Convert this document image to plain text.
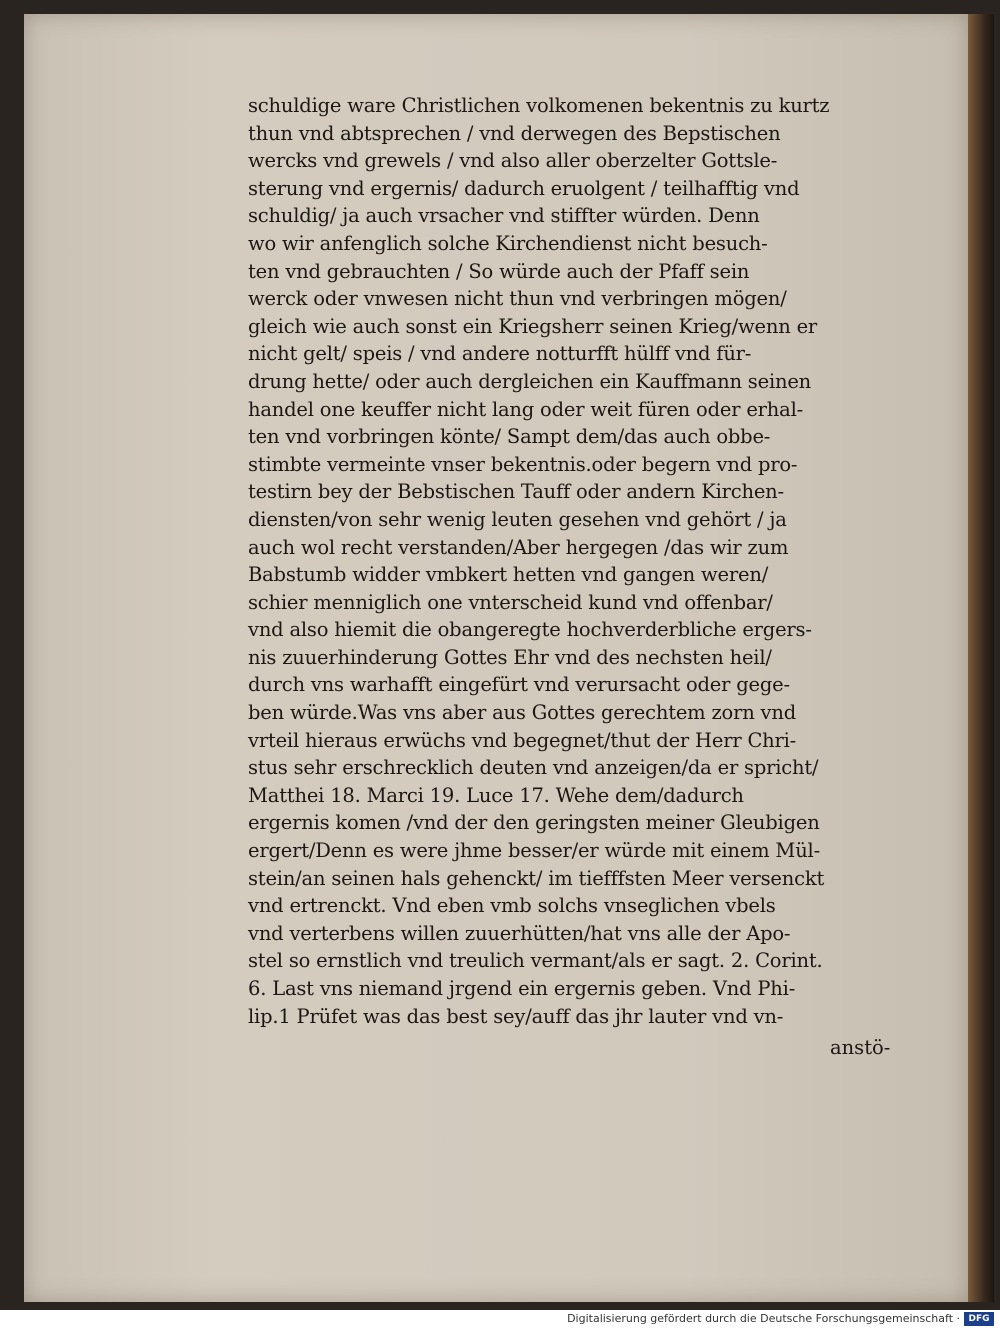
schuldige ware Christlichen volkomenen bekentnis zu kurtz
thun vnd abtsprechen / vnd derwegen des Bepstischen
wercks vnd grewels / vnd also aller oberzelter Gottsle-
sterung vnd ergernis/ dadurch eruolgent / teilhafftig vnd
schuldig/ ja auch vrsacher vnd stiffter würden. Denn
wo wir anfenglich solche Kirchendienst nicht besuch-
ten vnd gebrauchten / So würde auch der Pfaff sein
werck oder vnwesen nicht thun vnd verbringen mögen/
gleich wie auch sonst ein Kriegsherr seinen Krieg/wenn er
nicht gelt/ speis / vnd andere notturfft hülff vnd für-
drung hette/ oder auch dergleichen ein Kauffmann seinen
handel one keuffer nicht lang oder weit füren oder erhal-
ten vnd vorbringen könte/ Sampt dem/das auch obbe-
stimbte vermeinte vnser bekentnis.oder begern vnd pro-
testirn bey der Bebstischen Tauff oder andern Kirchen-
diensten/von sehr wenig leuten gesehen vnd gehört / ja
auch wol recht verstanden/Aber hergegen /das wir zum
Babstumb widder vmbkert hetten vnd gangen weren/
schier menniglich one vnterscheid kund vnd offenbar/
vnd also hiemit die obangeregte hochverderbliche ergers-
nis zuuerhinderung Gottes Ehr vnd des nechsten heil/
durch vns warhafft eingefürt vnd verursacht oder gege-
ben würde.Was vns aber aus Gottes gerechtem zorn vnd
vrteil hieraus erwüchs vnd begegnet/thut der Herr Chri-
stus sehr erschrecklich deuten vnd anzeigen/da er spricht/
Matthei 18. Marci 19. Luce 17. Wehe dem/dadurch
ergernis komen /vnd der den geringsten meiner Gleubigen
ergert/Denn es were jhme besser/er würde mit einem Mül-
stein/an seinen hals gehenckt/ im tiefffsten Meer versenckt
vnd ertrenckt. Vnd eben vmb solchs vnseglichen vbels
vnd verterbens willen zuuerhütten/hat vns alle der Apo-
stel so ernstlich vnd treulich vermant/als er sagt. 2. Corint.
6. Last vns niemand jrgend ein ergernis geben. Vnd Phi-
lip.1 Prüfet was das best sey/auff das jhr lauter vnd vn-
anstö-
Digitalisierung gefördert durch die Deutsche Forschungsgemeinschaft · DFG
